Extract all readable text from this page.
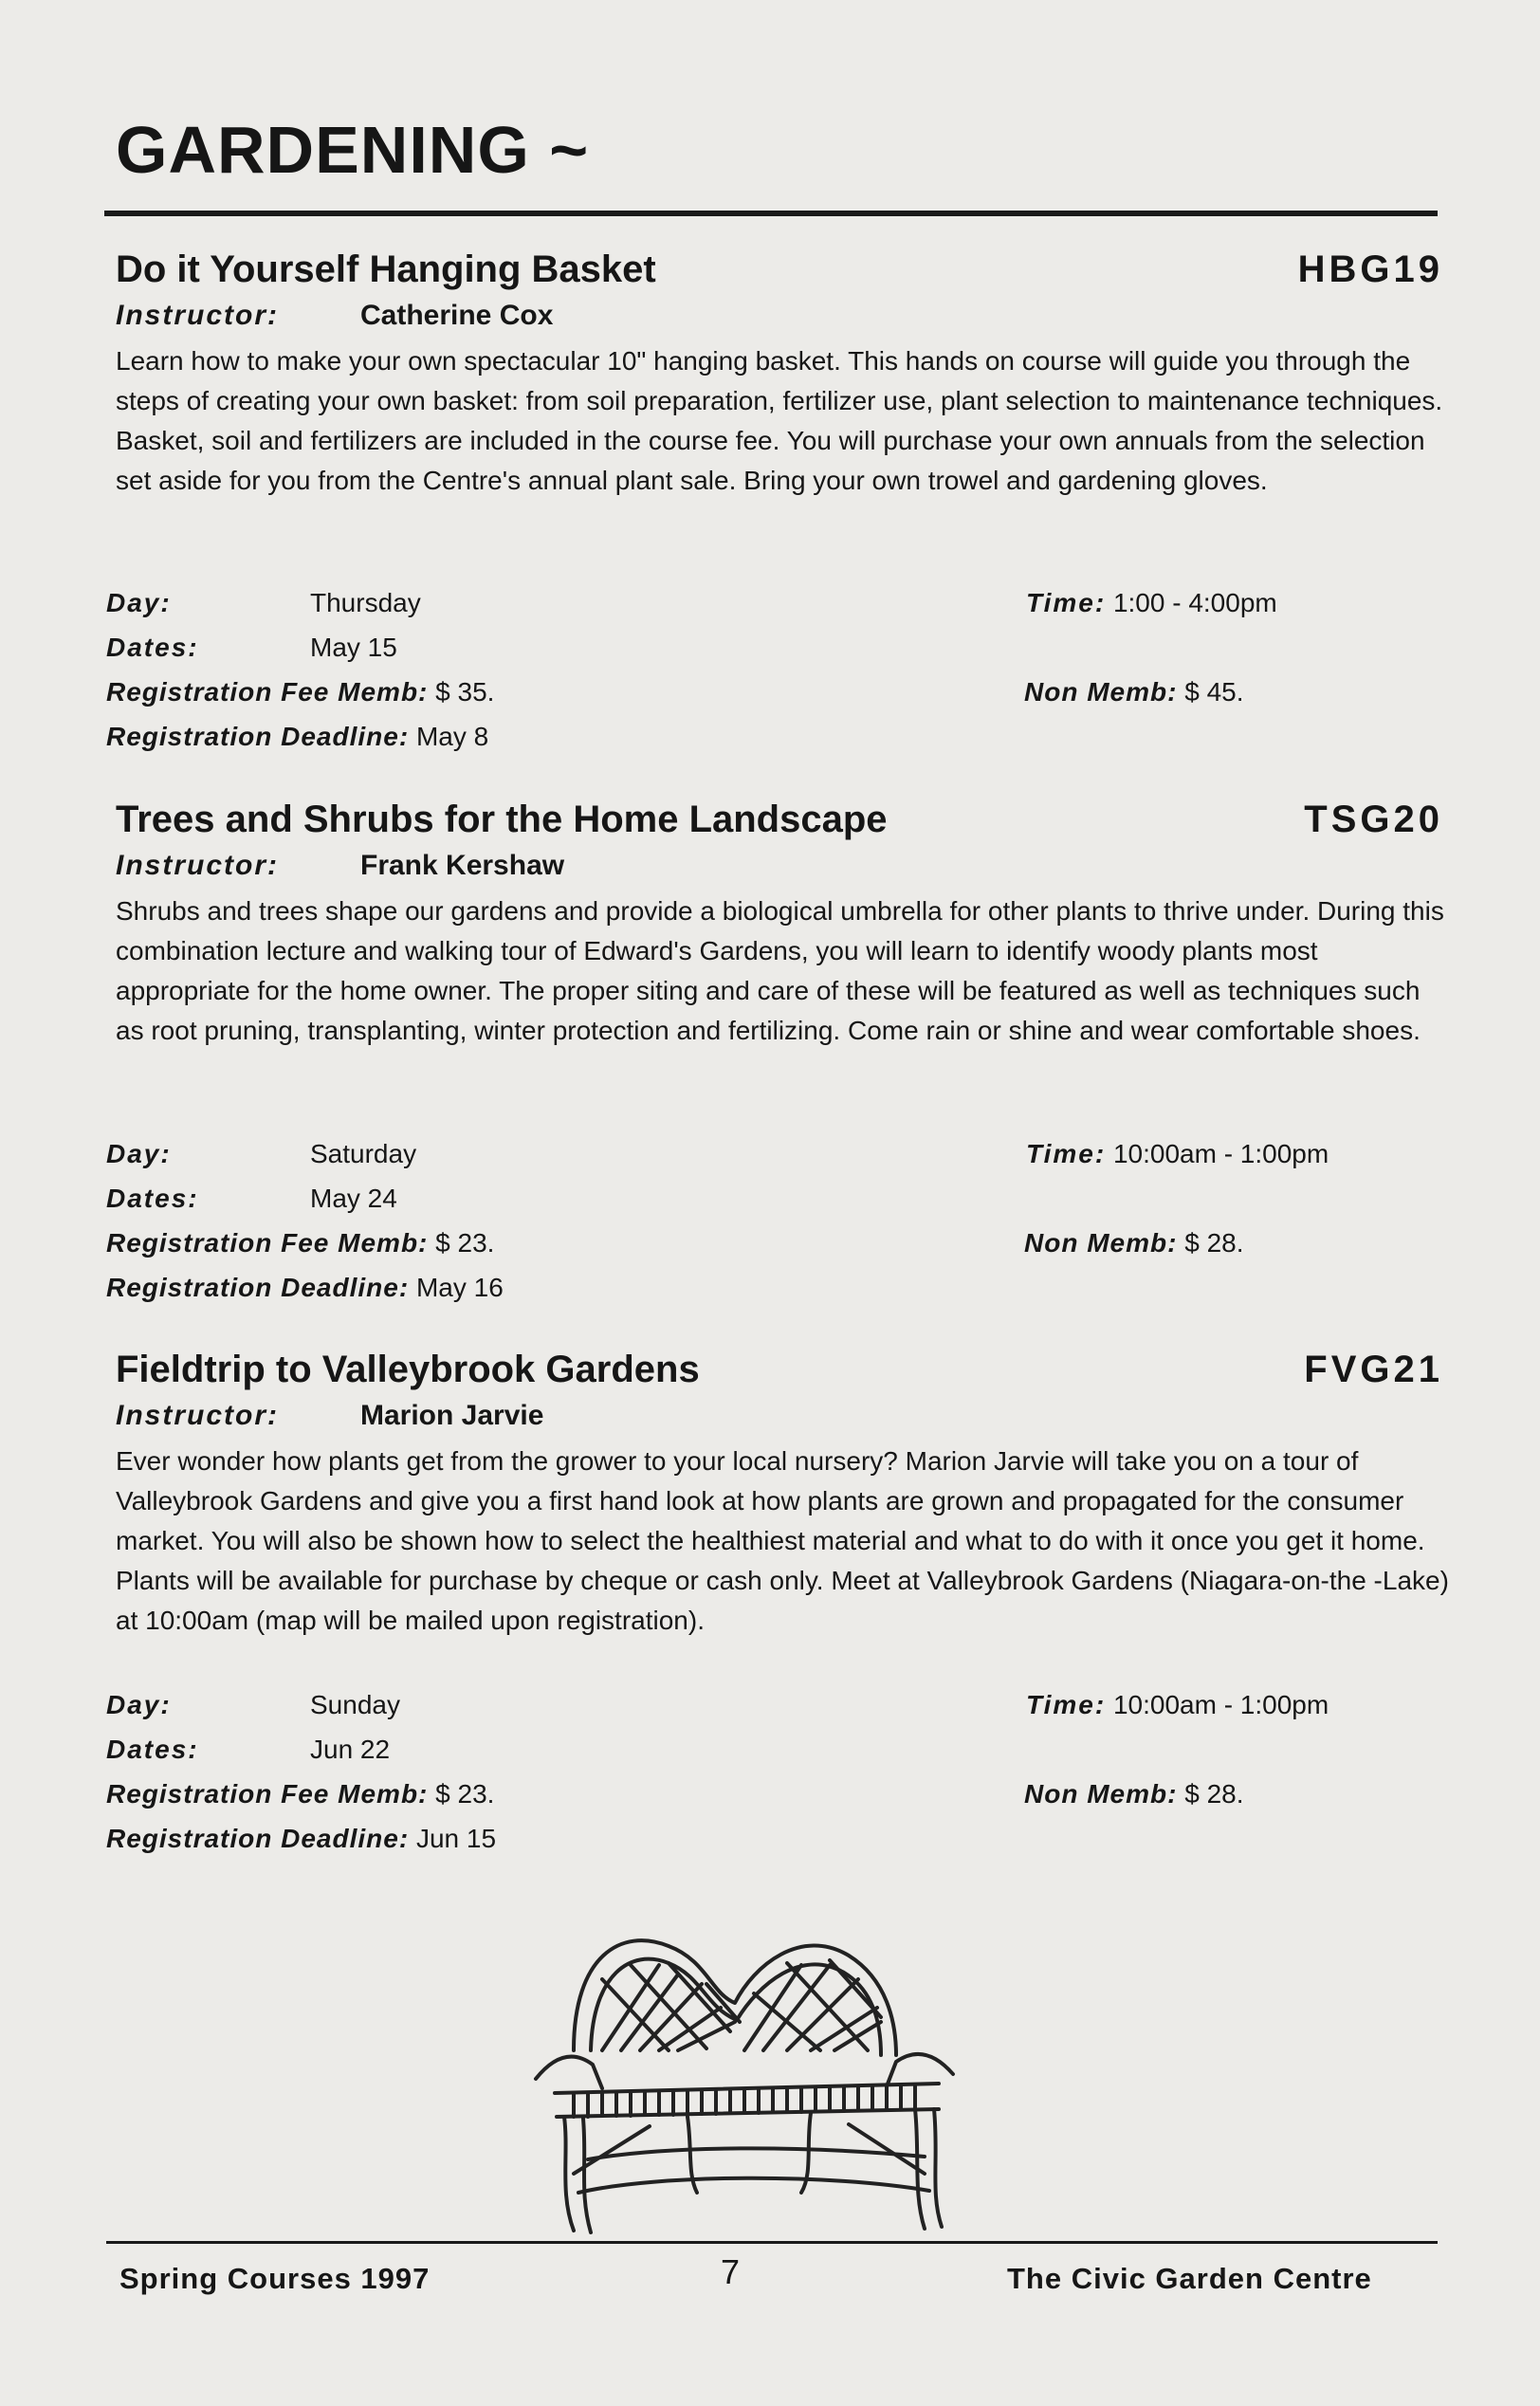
GARDENING ~
Do it Yourself Hanging Basket	HBG19
Instructor:	Catherine Cox
Learn how to make your own spectacular 10" hanging basket. This hands on course will guide you through the steps of creating your own basket: from soil preparation, fertilizer use, plant selection to maintenance techniques. Basket, soil and fertilizers are included in the course fee. You will purchase your own annuals from the selection set aside for you from the Centre's annual plant sale. Bring your own trowel and gardening gloves.
Day:	Thursday	Time: 1:00 - 4:00pm
Dates:	May 15
Registration Fee Memb: $ 35.	Non Memb: $ 45.
Registration Deadline: May 8
Trees and Shrubs for the Home Landscape	TSG20
Instructor:	Frank Kershaw
Shrubs and trees shape our gardens and provide a biological umbrella for other plants to thrive under. During this combination lecture and walking tour of Edward's Gardens, you will learn to identify woody plants most appropriate for the home owner. The proper siting and care of these will be featured as well as techniques such as root pruning, transplanting, winter protection and fertilizing. Come rain or shine and wear comfortable shoes.
Day:	Saturday	Time: 10:00am - 1:00pm
Dates:	May 24
Registration Fee Memb: $ 23.	Non Memb: $ 28.
Registration Deadline: May 16
Fieldtrip to Valleybrook Gardens	FVG21
Instructor:	Marion Jarvie
Ever wonder how plants get from the grower to your local nursery? Marion Jarvie will take you on a tour of Valleybrook Gardens and give you a first hand look at how plants are grown and propagated for the consumer market. You will also be shown how to select the healthiest material and what to do with it once you get it home. Plants will be available for purchase by cheque or cash only. Meet at Valleybrook Gardens (Niagara-on-the -Lake) at 10:00am (map will be mailed upon registration).
Day:	Sunday	Time: 10:00am - 1:00pm
Dates:	Jun 22
Registration Fee Memb: $ 23.	Non Memb: $ 28.
Registration Deadline: Jun 15
Spring Courses 1997	7	The Civic Garden Centre
